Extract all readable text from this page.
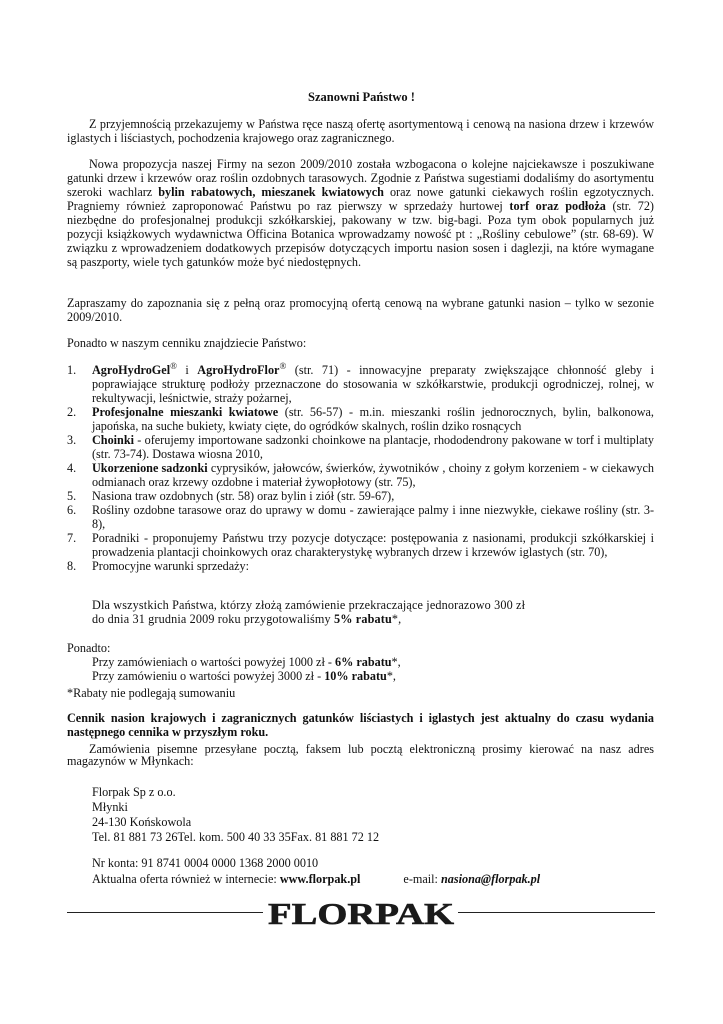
Szanowni Państwo !

Z przyjemnością przekazujemy w Państwa ręce naszą ofertę asortymentową i cenową na nasiona drzew i krzewów iglastych i liściastych, pochodzenia krajowego oraz zagranicznego.

Nowa propozycja naszej Firmy na sezon 2009/2010 została wzbogacona o kolejne najciekawsze i poszukiwane gatunki drzew i krzewów oraz roślin ozdobnych tarasowych. Zgodnie z Państwa sugestiami dodaliśmy do asortymentu szeroki wachlarz bylin rabatowych, mieszanek kwiatowych oraz nowe gatunki ciekawych roślin egzotycznych. Pragniemy również zaproponować Państwu po raz pierwszy w sprzedaży hurtowej torf oraz podłoża (str. 72) niezbędne do profesjonalnej produkcji szkółkarskiej, pakowany w tzw. big-bagi. Poza tym obok popularnych już pozycji książkowych wydawnictwa Officina Botanica wprowadzamy nowość pt : „Rośliny cebulowe” (str. 68-69). W związku z wprowadzeniem dodatkowych przepisów dotyczących importu nasion sosen i daglezji, na które wymagane są paszporty, wiele tych gatunków może być niedostępnych.

Zapraszamy do zapoznania się z pełną oraz promocyjną ofertą cenową na wybrane gatunki nasion – tylko w sezonie 2009/2010.

Ponadto w naszym cenniku znajdziecie Państwo:

1. AgroHydroGel® i AgroHydroFlor® (str. 71) - innowacyjne preparaty zwiększające chłonność gleby i poprawiające strukturę podłoży przeznaczone do stosowania w szkółkarstwie, produkcji ogrodniczej, rolnej, w rekultywacji, leśnictwie, straży pożarnej,
2. Profesjonalne mieszanki kwiatowe (str. 56-57) - m.in. mieszanki roślin jednorocznych, bylin, balkonowa, japońska, na suche bukiety, kwiaty cięte, do ogródków skalnych, roślin dziko rosnących
3. Choinki - oferujemy importowane sadzonki choinkowe na plantacje, rhododendrony pakowane w torf i multiplaty (str. 73-74). Dostawa wiosna 2010,
4. Ukorzenione sadzonki cyprysików, jałowców, świerków, żywotników , choiny z gołym korzeniem - w ciekawych odmianach oraz krzewy ozdobne i materiał żywopłotowy (str. 75),
5. Nasiona traw ozdobnych (str. 58) oraz bylin i ziół (str. 59-67),
6. Rośliny ozdobne tarasowe oraz do uprawy w domu - zawierające palmy i inne niezwykłe, ciekawe rośliny (str. 3-8),
7. Poradniki - proponujemy Państwu trzy pozycje dotyczące: postępowania z nasionami, produkcji szkółkarskiej i prowadzenia plantacji choinkowych oraz charakterystykę wybranych drzew i krzewów iglastych (str. 70),
8. Promocyjne warunki sprzedaży:
Dla wszystkich Państwa, którzy złożą zamówienie przekraczające jednorazowo 300 zł
do dnia 31 grudnia 2009 roku przygotowaliśmy 5% rabatu*,
Ponadto:
Przy zamówieniach o wartości powyżej 1000 zł - 6% rabatu*,
Przy zamówieniu o wartości powyżej 3000 zł - 10% rabatu*,
*Rabaty nie podlegają sumowaniu

Cennik nasion krajowych i zagranicznych gatunków liściastych i iglastych jest aktualny do czasu wydania następnego cennika w przyszłym roku.

Zamówienia pisemne przesyłane pocztą, faksem lub pocztą elektroniczną prosimy kierować na nasz adres magazynów w Młynkach:

Florpak Sp z o.o.
Młynki
24-130 Końskowola
Tel. 81 881 73 26Tel. kom. 500 40 33 35Fax. 81 881 72 12
Nr konta: 91 8741 0004 0000 1368 2000 0010
Aktualna oferta również w internecie: www.florpak.pl	e-mail: nasiona@florpak.pl
FLORPAK
